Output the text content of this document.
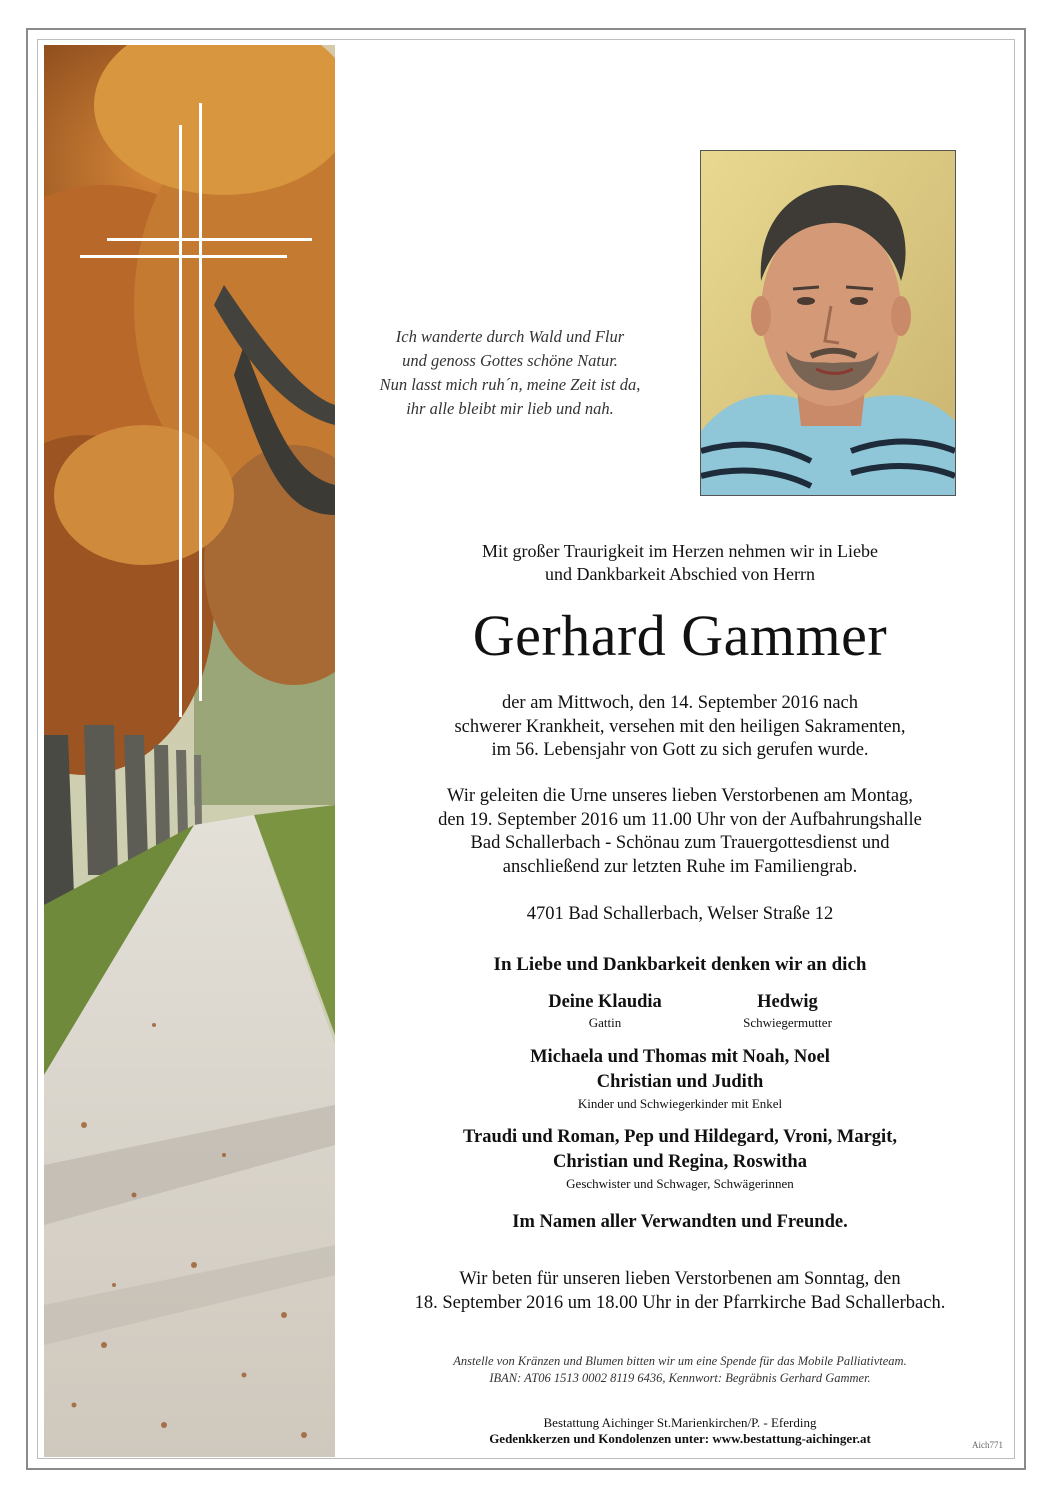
Ich wanderte durch Wald und Flur
und genoss Gottes schöne Natur.
Nun lasst mich ruh´n, meine Zeit ist da,
ihr alle bleibt mir lieb und nah.
Mit großer Traurigkeit im Herzen nehmen wir in Liebe
und Dankbarkeit Abschied von Herrn
Gerhard Gammer
der am Mittwoch, den 14. September 2016 nach
schwerer Krankheit, versehen mit den heiligen Sakramenten,
im 56. Lebensjahr von Gott zu sich gerufen wurde.
Wir geleiten die Urne unseres lieben Verstorbenen am Montag,
den 19. September 2016 um 11.00 Uhr von der Aufbahrungshalle
Bad Schallerbach - Schönau zum Trauergottesdienst und
anschließend zur letzten Ruhe im Familiengrab.
4701 Bad Schallerbach, Welser Straße 12
In Liebe und Dankbarkeit denken wir an dich
Deine Klaudia
Gattin
Hedwig
Schwiegermutter
Michaela und Thomas mit Noah, Noel
Christian und Judith
Kinder und Schwiegerkinder mit Enkel
Traudi und Roman, Pep und Hildegard, Vroni, Margit,
Christian und Regina, Roswitha
Geschwister und Schwager, Schwägerinnen
Im Namen aller Verwandten und Freunde.
Wir beten für unseren lieben Verstorbenen am Sonntag, den
18. September 2016 um 18.00 Uhr in der Pfarrkirche Bad Schallerbach.
Anstelle von Kränzen und Blumen bitten wir um eine Spende für das Mobile Palliativteam.
IBAN: AT06 1513 0002 8119 6436, Kennwort: Begräbnis Gerhard Gammer.
Bestattung Aichinger St.Marienkirchen/P. - Eferding
Gedenkkerzen und Kondolenzen unter: www.bestattung-aichinger.at	Aich771
